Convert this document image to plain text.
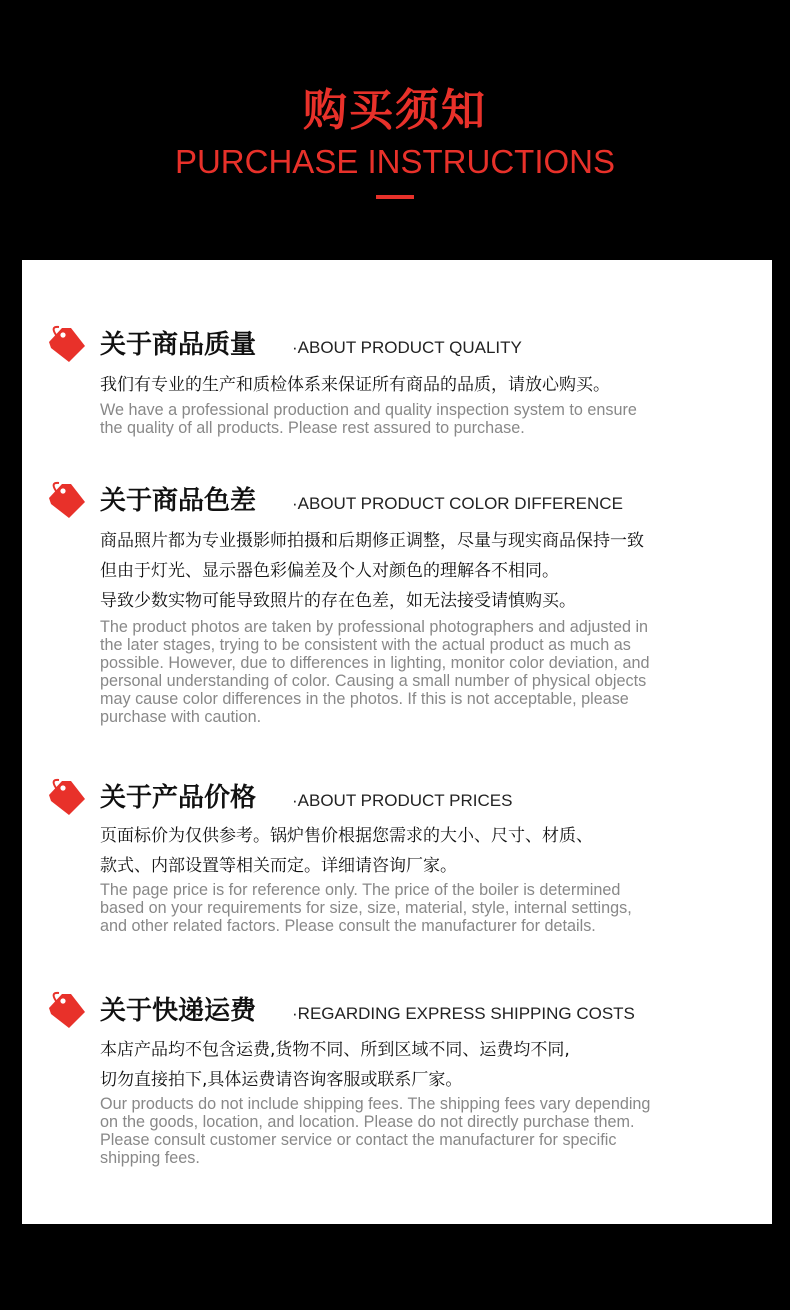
购买须知
PURCHASE INSTRUCTIONS
关于商品质量 ·ABOUT PRODUCT QUALITY
我们有专业的生产和质检体系来保证所有商品的品质，请放心购买。
We have a professional production and quality inspection system to ensure
the quality of all products. Please rest assured to purchase.
关于商品色差 ·ABOUT PRODUCT COLOR DIFFERENCE
商品照片都为专业摄影师拍摄和后期修正调整，尽量与现实商品保持一致
但由于灯光、显示器色彩偏差及个人对颜色的理解各不相同。
导致少数实物可能导致照片的存在色差，如无法接受请慎购买。
The product photos are taken by professional photographers and adjusted in
the later stages, trying to be consistent with the actual product as much as
possible. However, due to differences in lighting, monitor color deviation, and
personal understanding of color. Causing a small number of physical objects
may cause color differences in the photos. If this is not acceptable, please
purchase with caution.
关于产品价格 ·ABOUT PRODUCT PRICES
页面标价为仅供参考。锅炉售价根据您需求的大小、尺寸、材质、
款式、内部设置等相关而定。详细请咨询厂家。
The page price is for reference only. The price of the boiler is determined
based on your requirements for size, size, material, style, internal settings,
and other related factors. Please consult the manufacturer for details.
关于快递运费 ·REGARDING EXPRESS SHIPPING COSTS
本店产品均不包含运费,货物不同、所到区域不同、运费均不同,
切勿直接拍下,具体运费请咨询客服或联系厂家。
Our products do not include shipping fees. The shipping fees vary depending
on the goods, location, and location. Please do not directly purchase them.
Please consult customer service or contact the manufacturer for specific
shipping fees.
